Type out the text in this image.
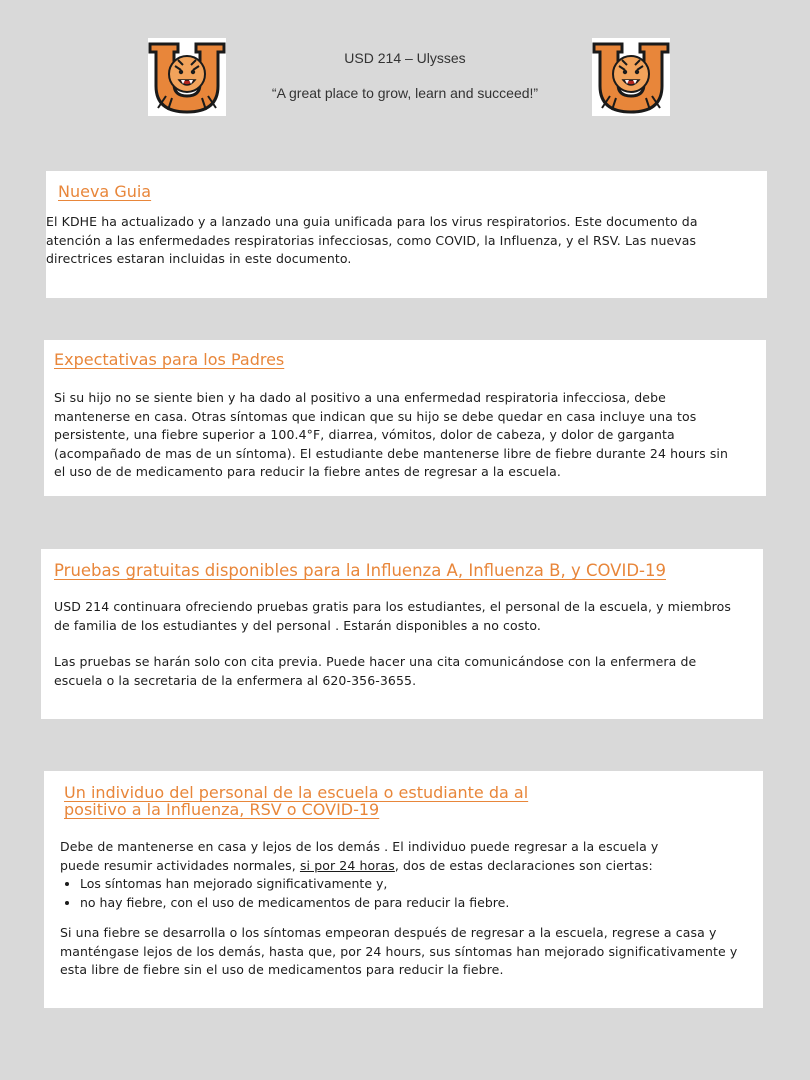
USD 214 – Ulysses

“A great place to grow, learn and succeed!”

Nueva Guia

El KDHE ha actualizado y a lanzado una guia unificada para los virus respiratorios. Este documento da atención a las enfermedades respiratorias infecciosas, como COVID, la Influenza, y el RSV. Las nuevas directrices estaran incluidas in este documento.

Expectativas para los Padres

Si su hijo no se siente bien y ha dado al positivo a una enfermedad respiratoria infecciosa, debe mantenerse en casa. Otras síntomas que indican que su hijo se debe quedar en casa incluye una tos persistente, una fiebre superior a 100.4°F, diarrea, vómitos, dolor de cabeza, y dolor de garganta (acompañado de mas de un síntoma). El estudiante debe mantenerse libre de fiebre durante 24 hours sin el uso de de medicamento para reducir la fiebre antes de regresar a la escuela.

Pruebas gratuitas disponibles para la Influenza A, Influenza B, y COVID-19

USD 214 continuara ofreciendo pruebas gratis para los estudiantes, el personal de la escuela, y miembros de familia de los estudiantes y del personal . Estarán disponibles a no costo.

Las pruebas se harán solo con cita previa. Puede hacer una cita comunicándose con la enfermera de escuela o la secretaria de la enfermera al 620-356-3655.

Un individuo del personal de la escuela o estudiante da al positivo a la Influenza, RSV o COVID-19

Debe de mantenerse en casa y lejos de los demás . El individuo puede regresar a la escuela y puede resumir actividades normales, si por 24 horas, dos de estas declaraciones son ciertas:

• Los síntomas han mejorado significativamente y,
• no hay fiebre, con el uso de medicamentos de para reducir la fiebre.

Si una fiebre se desarrolla o los síntomas empeoran después de regresar a la escuela, regrese a casa y manténgase lejos de los demás, hasta que, por 24 hours, sus síntomas han mejorado significativamente y esta libre de fiebre sin el uso de medicamentos para reducir la fiebre.
